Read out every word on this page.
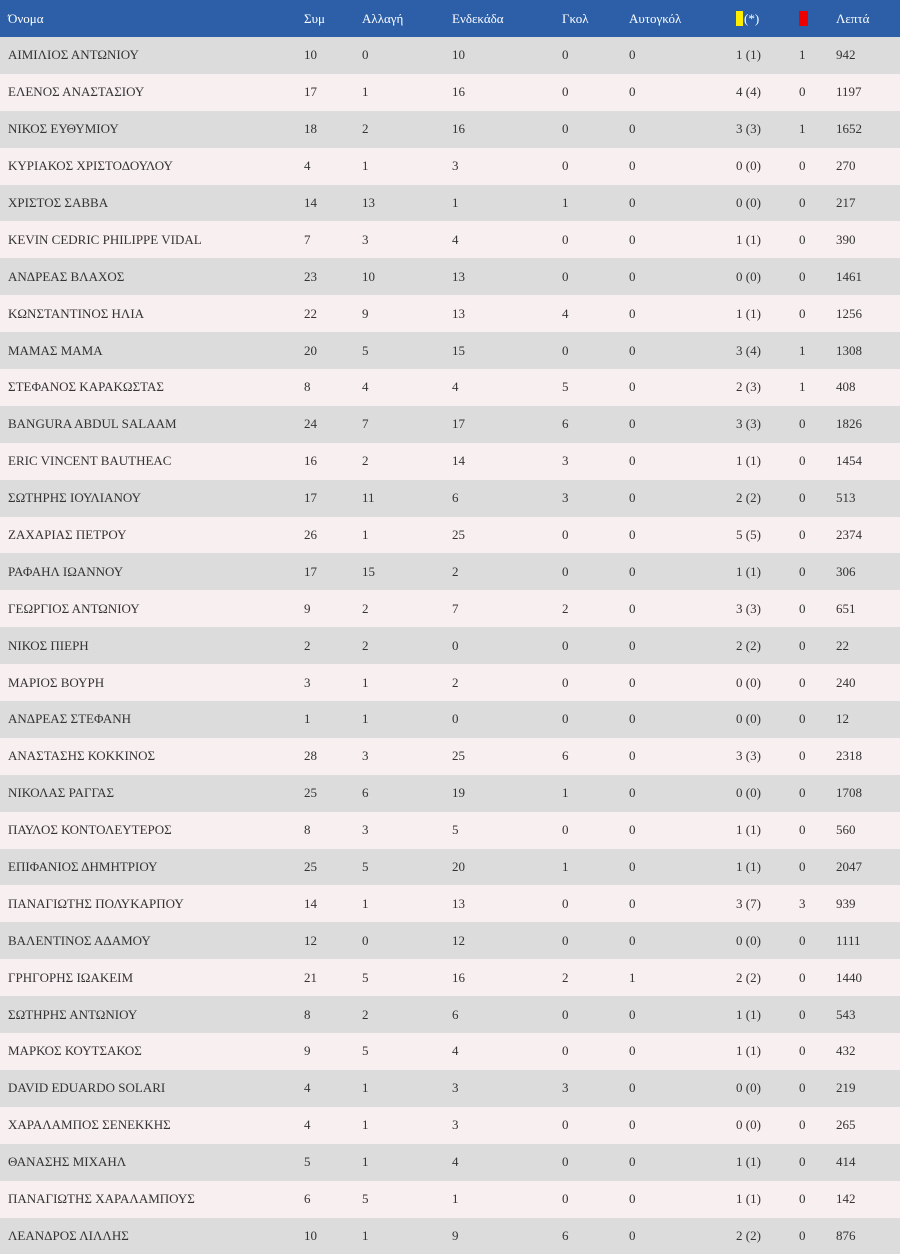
Όνομα	Συμ	Αλλαγή	Ενδεκάδα	Γκολ	Αυτογκόλ	(*)		Λεπτά
ΑΙΜΙΛΙΟΣ ΑΝΤΩΝΙΟΥ	10	0	10	0	0	1 (1)	1	942
ΕΛΕΝΟΣ ΑΝΑΣΤΑΣΙΟΥ	17	1	16	0	0	4 (4)	0	1197
ΝΙΚΟΣ ΕΥΘΥΜΙΟΥ	18	2	16	0	0	3 (3)	1	1652
ΚΥΡΙΑΚΟΣ ΧΡΙΣΤΟΔΟΥΛΟΥ	4	1	3	0	0	0 (0)	0	270
ΧΡΙΣΤΟΣ ΣΑΒΒΑ	14	13	1	1	0	0 (0)	0	217
KEVIN CEDRIC PHILIPPE VIDAL	7	3	4	0	0	1 (1)	0	390
ΑΝΔΡΕΑΣ ΒΛΑΧΟΣ	23	10	13	0	0	0 (0)	0	1461
ΚΩΝΣΤΑΝΤΙΝΟΣ ΗΛΙΑ	22	9	13	4	0	1 (1)	0	1256
ΜΑΜΑΣ ΜΑΜΑ	20	5	15	0	0	3 (4)	1	1308
ΣΤΕΦΑΝΟΣ ΚΑΡΑΚΩΣΤΑΣ	8	4	4	5	0	2 (3)	1	408
BANGURA ABDUL SALAAM	24	7	17	6	0	3 (3)	0	1826
ERIC VINCENT BAUTHEAC	16	2	14	3	0	1 (1)	0	1454
ΣΩΤΗΡΗΣ ΙΟΥΛΙΑΝΟΥ	17	11	6	3	0	2 (2)	0	513
ΖΑΧΑΡΙΑΣ ΠΕΤΡΟΥ	26	1	25	0	0	5 (5)	0	2374
ΡΑΦΑΗΛ ΙΩΑΝΝΟΥ	17	15	2	0	0	1 (1)	0	306
ΓΕΩΡΓΙΟΣ ΑΝΤΩΝΙΟΥ	9	2	7	2	0	3 (3)	0	651
ΝΙΚΟΣ ΠΙΕΡΗ	2	2	0	0	0	2 (2)	0	22
ΜΑΡΙΟΣ ΒΟΥΡΗ	3	1	2	0	0	0 (0)	0	240
ΑΝΔΡΕΑΣ ΣΤΕΦΑΝΗ	1	1	0	0	0	0 (0)	0	12
ΑΝΑΣΤΑΣΗΣ ΚΟΚΚΙΝΟΣ	28	3	25	6	0	3 (3)	0	2318
ΝΙΚΟΛΑΣ ΡΑΓΓΑΣ	25	6	19	1	0	0 (0)	0	1708
ΠΑΥΛΟΣ ΚΟΝΤΟΛΕΥΤΕΡΟΣ	8	3	5	0	0	1 (1)	0	560
ΕΠΙΦΑΝΙΟΣ ΔΗΜΗΤΡΙΟΥ	25	5	20	1	0	1 (1)	0	2047
ΠΑΝΑΓΙΩΤΗΣ ΠΟΛΥΚΑΡΠΟΥ	14	1	13	0	0	3 (7)	3	939
ΒΑΛΕΝΤΙΝΟΣ ΑΔΑΜΟΥ	12	0	12	0	0	0 (0)	0	1111
ΓΡΗΓΟΡΗΣ ΙΩΑΚΕΙΜ	21	5	16	2	1	2 (2)	0	1440
ΣΩΤΗΡΗΣ ΑΝΤΩΝΙΟΥ	8	2	6	0	0	1 (1)	0	543
ΜΑΡΚΟΣ ΚΟΥΤΣΑΚΟΣ	9	5	4	0	0	1 (1)	0	432
DAVID EDUARDO SOLARI	4	1	3	3	0	0 (0)	0	219
ΧΑΡΑΛΑΜΠΟΣ ΣΕΝΕΚΚΗΣ	4	1	3	0	0	0 (0)	0	265
ΘΑΝΑΣΗΣ ΜΙΧΑΗΛ	5	1	4	0	0	1 (1)	0	414
ΠΑΝΑΓΙΩΤΗΣ ΧΑΡΑΛΑΜΠΟΥΣ	6	5	1	0	0	1 (1)	0	142
ΛΕΑΝΔΡΟΣ ΛΙΛΛΗΣ	10	1	9	6	0	2 (2)	0	876
